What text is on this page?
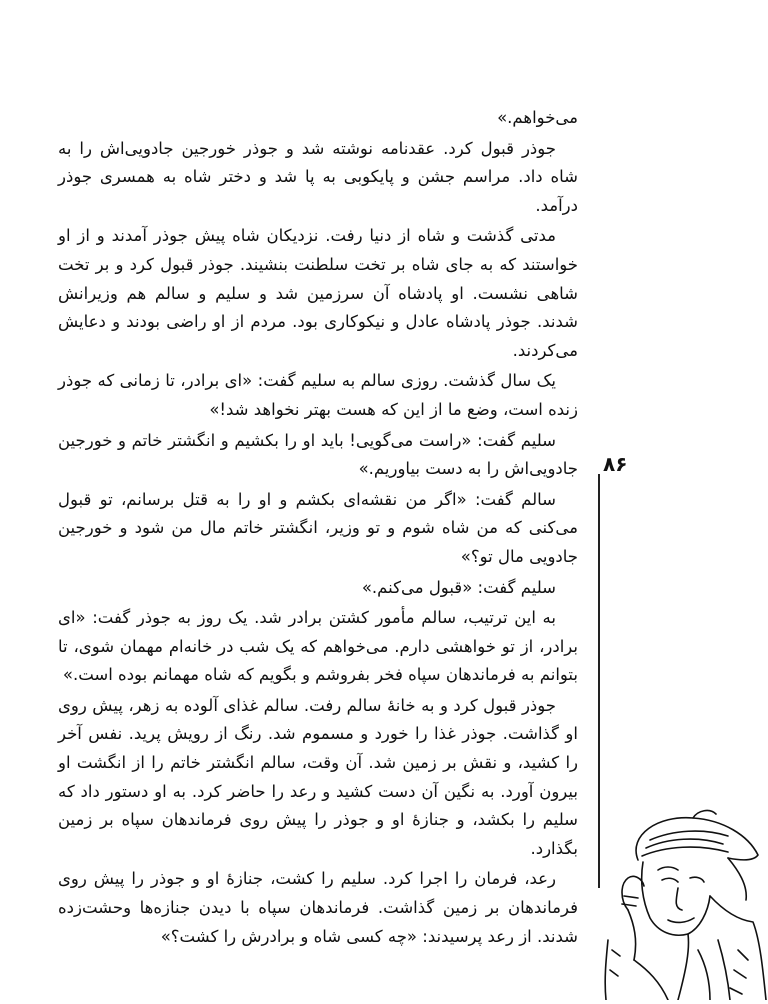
می‌خواهم.»

جوذر قبول کرد. عقدنامه نوشته شد و جوذر خورجین جادویی‌اش را به شاه داد. مراسم جشن و پایکوبی به پا شد و دختر شاه به همسری جوذر درآمد.

مدتی گذشت و شاه از دنیا رفت. نزدیکان شاه پیش جوذر آمدند و از او خواستند که به جای شاه بر تخت سلطنت بنشیند. جوذر قبول کرد و بر تخت شاهی نشست. او پادشاه آن سرزمین شد و سلیم و سالم هم وزیرانش شدند. جوذر پادشاه عادل و نیکوکاری بود. مردم از او راضی بودند و دعایش می‌کردند.

یک سال گذشت. روزی سالم به سلیم گفت: «ای برادر، تا زمانی که جوذر زنده است، وضع ما از این که هست بهتر نخواهد شد!»

سلیم گفت: «راست می‌گویی! باید او را بکشیم و انگشتر خاتم و خورجین جادویی‌اش را به دست بیاوریم.»

سالم گفت: «اگر من نقشه‌ای بکشم و او را به قتل برسانم، تو قبول می‌کنی که من شاه شوم و تو وزیر، انگشتر خاتم مال من شود و خورجین جادویی مال تو؟»

سلیم گفت: «قبول می‌کنم.»

به این ترتیب، سالم مأمور کشتن برادر شد. یک روز به جوذر گفت: «ای برادر، از تو خواهشی دارم. می‌خواهم که یک شب در خانه‌ام مهمان شوی، تا بتوانم به فرماندهان سپاه فخر بفروشم و بگویم که شاه مهمانم بوده است.»

جوذر قبول کرد و به خانهٔ سالم رفت. سالم غذای آلوده به زهر، پیش روی او گذاشت. جوذر غذا را خورد و مسموم شد. رنگ از رویش پرید. نفس آخر را کشید، و نقش بر زمین شد. آن وقت، سالم انگشتر خاتم را از انگشت او بیرون آورد. به نگین آن دست کشید و رعد را حاضر کرد. به او دستور داد که سلیم را بکشد، و جنازهٔ او و جوذر را پیش روی فرماندهان سپاه بر زمین بگذارد.

رعد، فرمان را اجرا کرد. سلیم را کشت، جنازهٔ او و جوذر را پیش روی فرماندهان بر زمین گذاشت. فرماندهان سپاه با دیدن جنازه‌ها وحشت‌زده شدند. از رعد پرسیدند: «چه کسی شاه و برادرش را کشت؟»

۸۶
